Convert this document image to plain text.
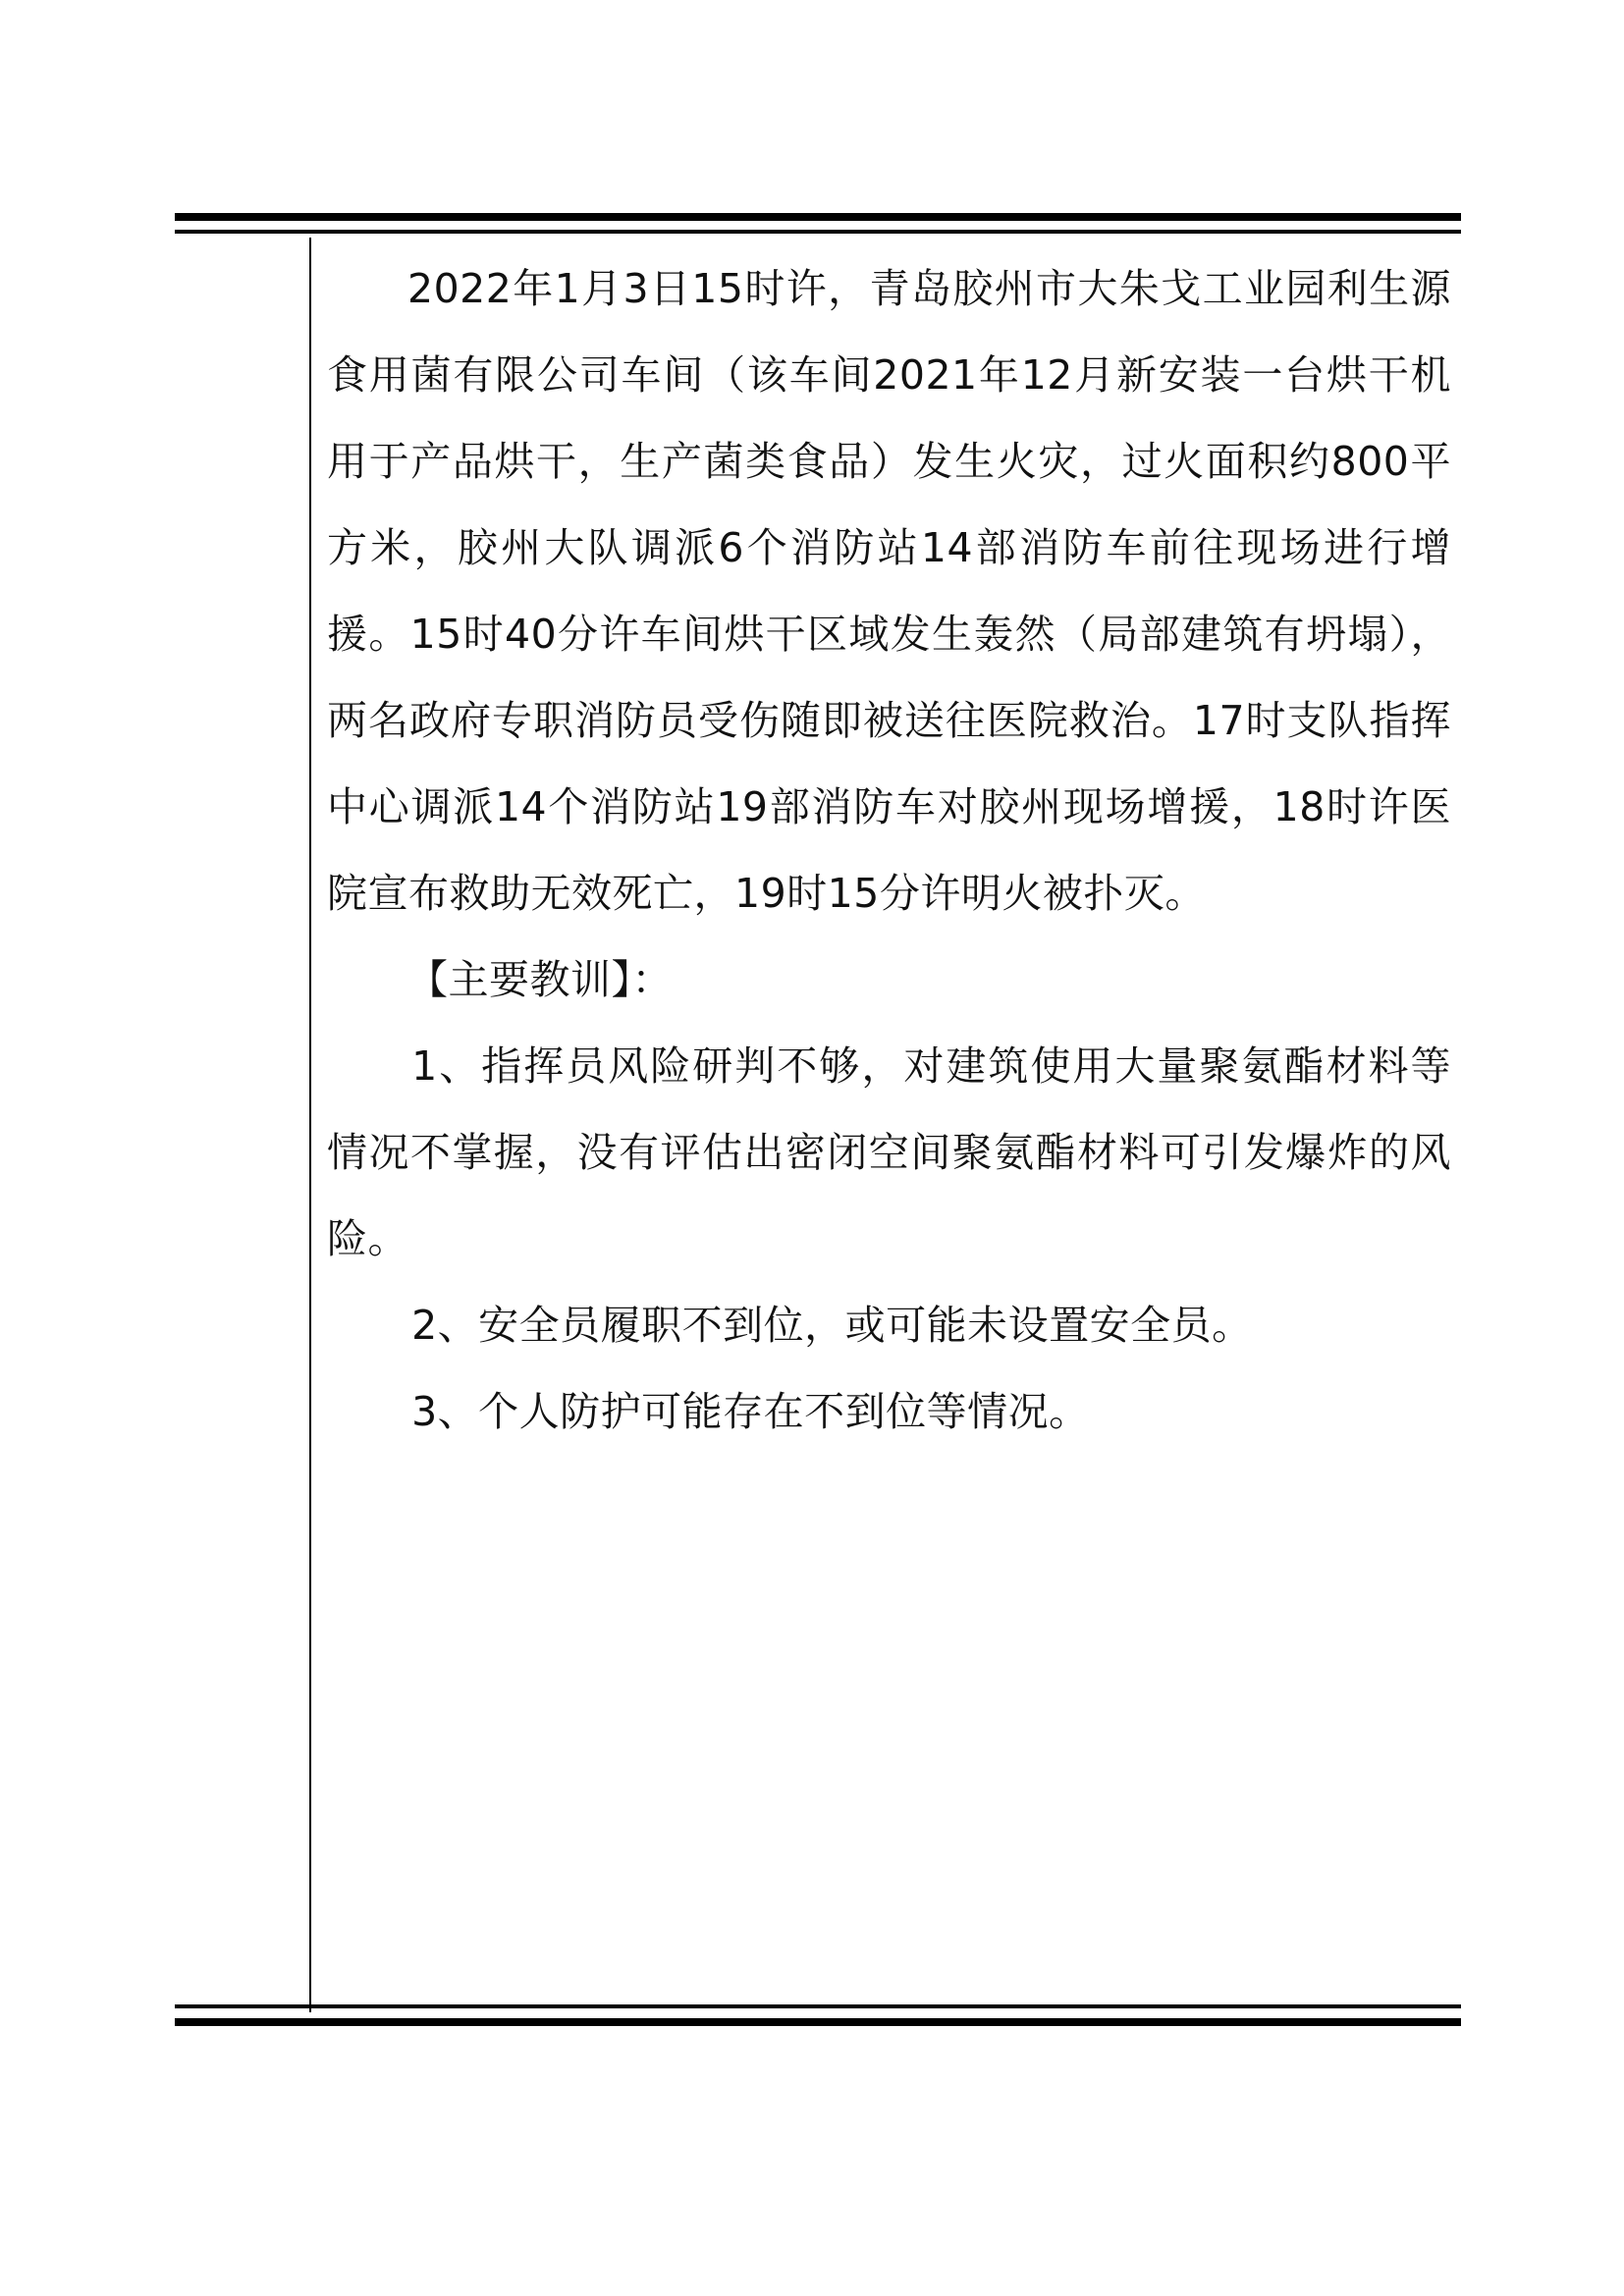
2022年1月3日15时许，青岛胶州市大朱戈工业园利生源食用菌有限公司车间（该车间2021年12月新安装一台烘干机用于产品烘干，生产菌类食品）发生火灾，过火面积约800平方米，胶州大队调派6个消防站14部消防车前往现场进行增援。15时40分许车间烘干区域发生轰然（局部建筑有坍塌），两名政府专职消防员受伤随即被送往医院救治。17时支队指挥中心调派14个消防站19部消防车对胶州现场增援，18时许医院宣布救助无效死亡，19时15分许明火被扑灭。

【主要教训】：

1、指挥员风险研判不够，对建筑使用大量聚氨酯材料等情况不掌握，没有评估出密闭空间聚氨酯材料可引发爆炸的风险。

2、安全员履职不到位，或可能未设置安全员。

3、个人防护可能存在不到位等情况。
